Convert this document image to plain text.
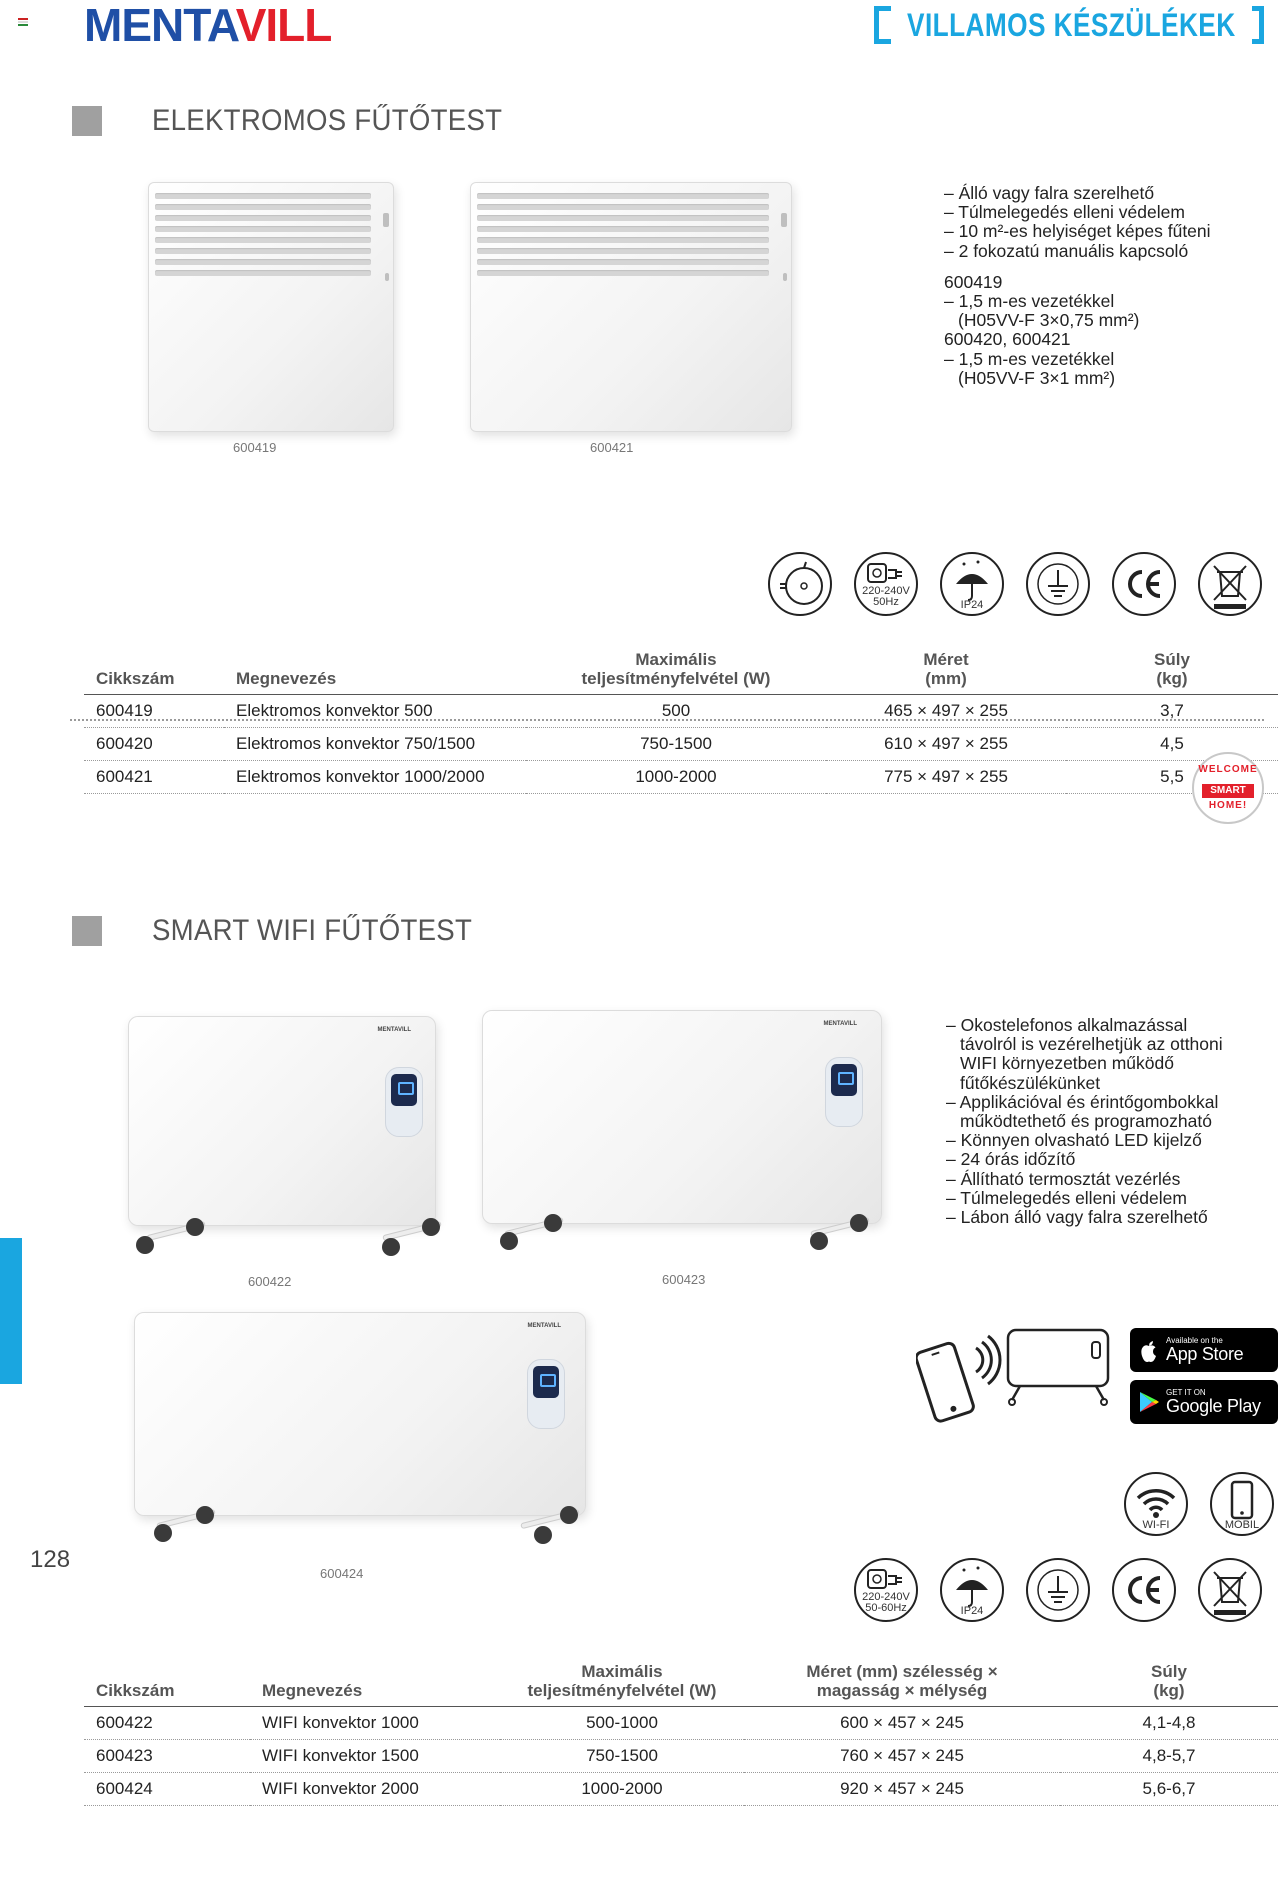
MENTAVILL	VILLAMOS KÉSZÜLÉKEK
ELEKTROMOS FŰTŐTEST
600419	600421
– Álló vagy falra szerelhető
– Túlmelegedés elleni védelem
– 10 m²-es helyiséget képes fűteni
– 2 fokozatú manuális kapcsoló
600419
– 1,5 m-es vezetékkel
(H05VV-F 3×0,75 mm²)
600420, 600421
– 1,5 m-es vezetékkel
(H05VV-F 3×1 mm²)
220-240V 50Hz	IP24
Cikkszám	Megnevezés	Maximális teljesítményfelvétel (W)	Méret (mm)	Súly (kg)
600419	Elektromos konvektor 500	500	465 × 497 × 255	3,7
600420	Elektromos konvektor 750/1500	750-1500	610 × 497 × 255	4,5
600421	Elektromos konvektor 1000/2000	1000-2000	775 × 497 × 255	5,5
SMART WIFI FŰTŐTEST
WELCOME
SMART
HOME!
MENTAVILL
600422
MENTAVILL
600423
MENTAVILL
600424
– Okostelefonos alkalmazással
távolról is vezérelhetjük az otthoni
WIFI környezetben működő
fűtőkészülékünket
– Applikációval és érintőgombokkal
működtethető és programozható
– Könnyen olvasható LED kijelző
– 24 órás időzítő
– Állítható termosztát vezérlés
– Túlmelegedés elleni védelem
– Lábon álló vagy falra szerelhető
Available on the
App Store
GET IT ON
Google Play
WI-FI	MOBIL
220-240V 50-60Hz	IP24
Cikkszám	Megnevezés	Maximális teljesítményfelvétel (W)	Méret (mm) szélesség × magasság × mélység	Súly (kg)
600422	WIFI konvektor 1000	500-1000	600 × 457 × 245	4,1-4,8
600423	WIFI konvektor 1500	750-1500	760 × 457 × 245	4,8-5,7
600424	WIFI konvektor 2000	1000-2000	920 × 457 × 245	5,6-6,7
128
